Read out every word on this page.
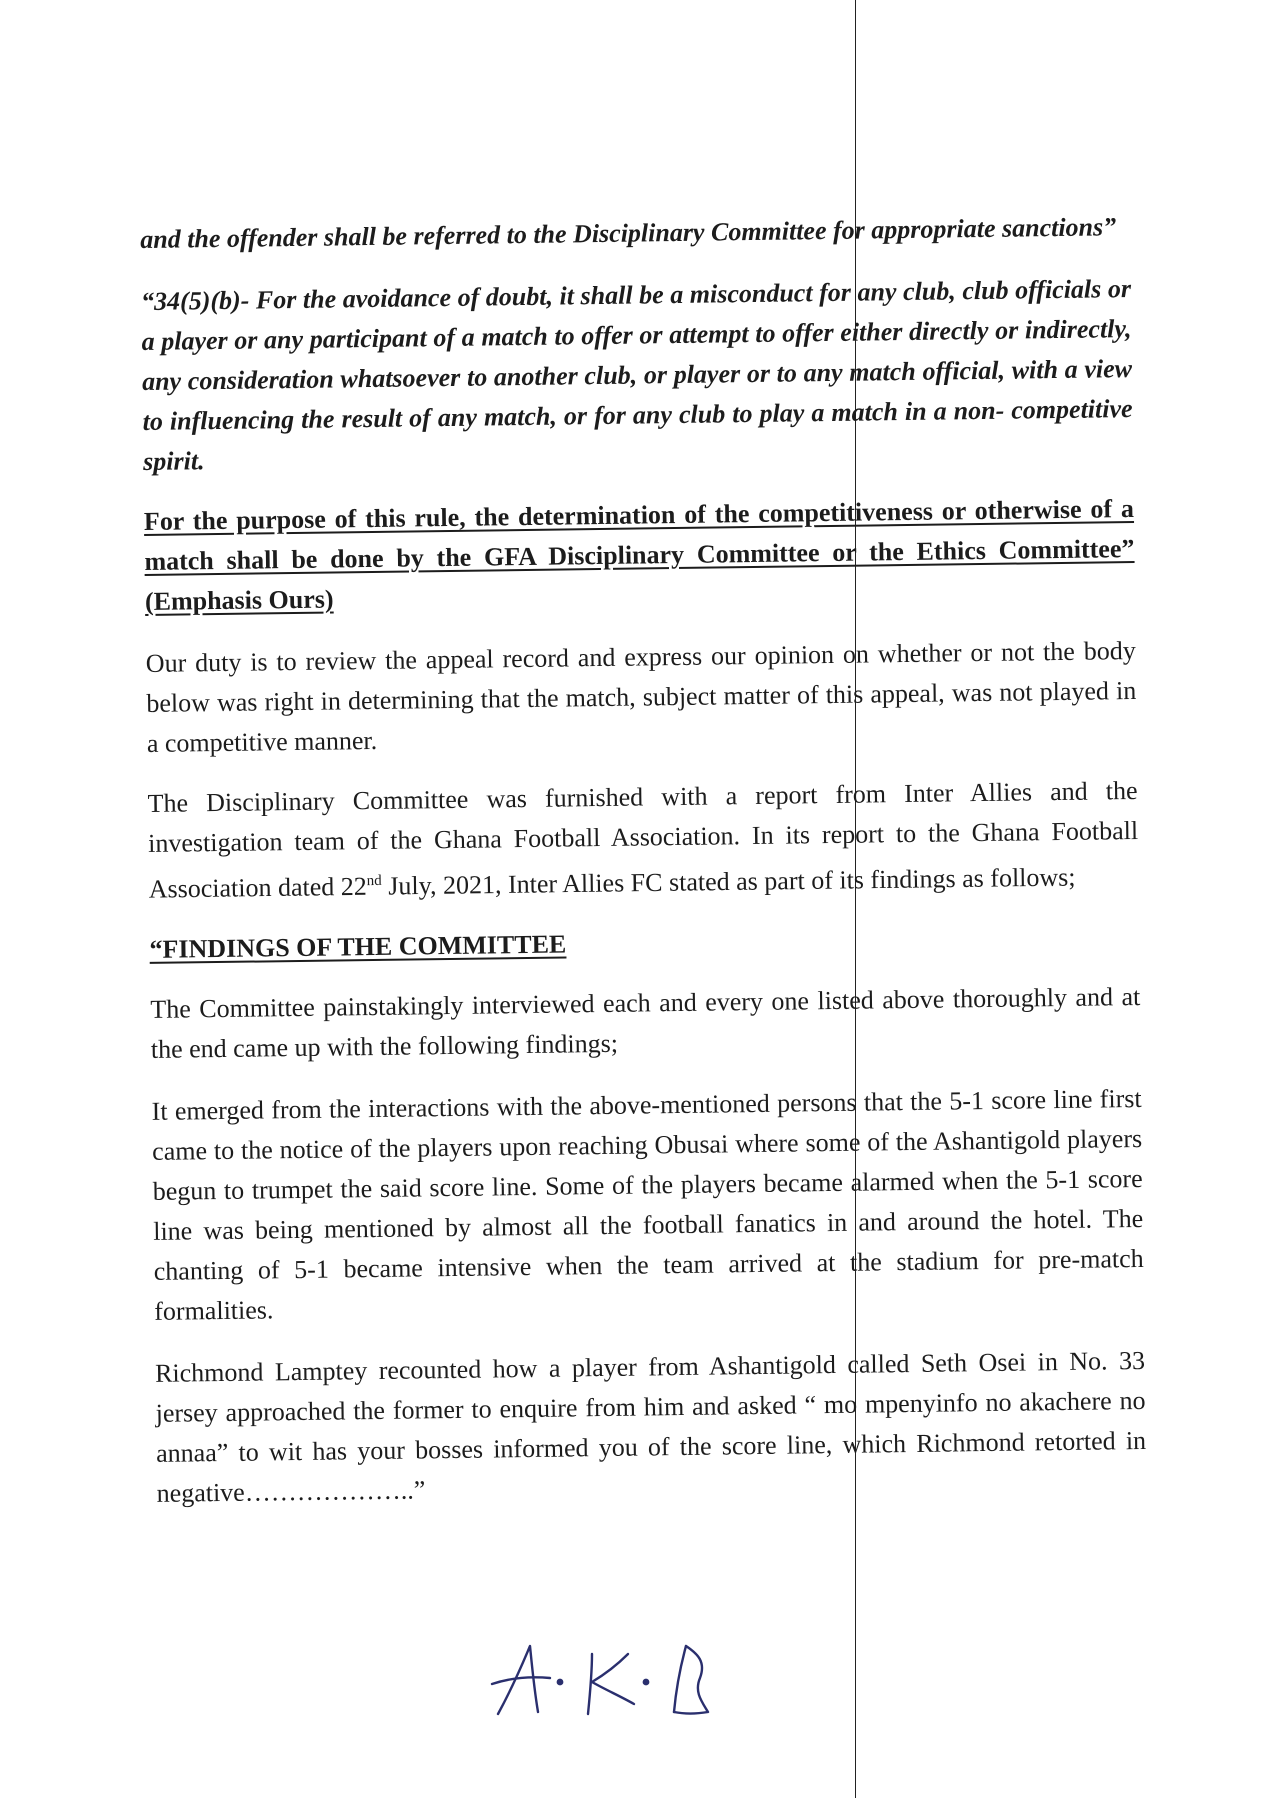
and the offender shall be referred to the Disciplinary Committee for appropriate sanctions”

“34(5)(b)- For the avoidance of doubt, it shall be a misconduct for any club, club officials or a player or any participant of a match to offer or attempt to offer either directly or indirectly, any consideration whatsoever to another club, or player or to any match official, with a view to influencing the result of any match, or for any club to play a match in a non- competitive spirit.

For the purpose of this rule, the determination of the competitiveness or otherwise of a match shall be done by the GFA Disciplinary Committee or the Ethics Committee” (Emphasis Ours)

Our duty is to review the appeal record and express our opinion on whether or not the body below was right in determining that the match, subject matter of this appeal, was not played in a competitive manner.

The Disciplinary Committee was furnished with a report from Inter Allies and the investigation team of the Ghana Football Association. In its report to the Ghana Football Association dated 22nd July, 2021, Inter Allies FC stated as part of its findings as follows;

“FINDINGS OF THE COMMITTEE

The Committee painstakingly interviewed each and every one listed above thoroughly and at the end came up with the following findings;

It emerged from the interactions with the above-mentioned persons that the 5-1 score line first came to the notice of the players upon reaching Obusai where some of the Ashantigold players begun to trumpet the said score line. Some of the players became alarmed when the 5-1 score line was being mentioned by almost all the football fanatics in and around the hotel. The chanting of 5-1 became intensive when the team arrived at the stadium for pre-match formalities.

Richmond Lamptey recounted how a player from Ashantigold called Seth Osei in No. 33 jersey approached the former to enquire from him and asked “ mo mpenyinfo no akachere no annaa” to wit has your bosses informed you of the score line, which Richmond retorted in negative………………..”
